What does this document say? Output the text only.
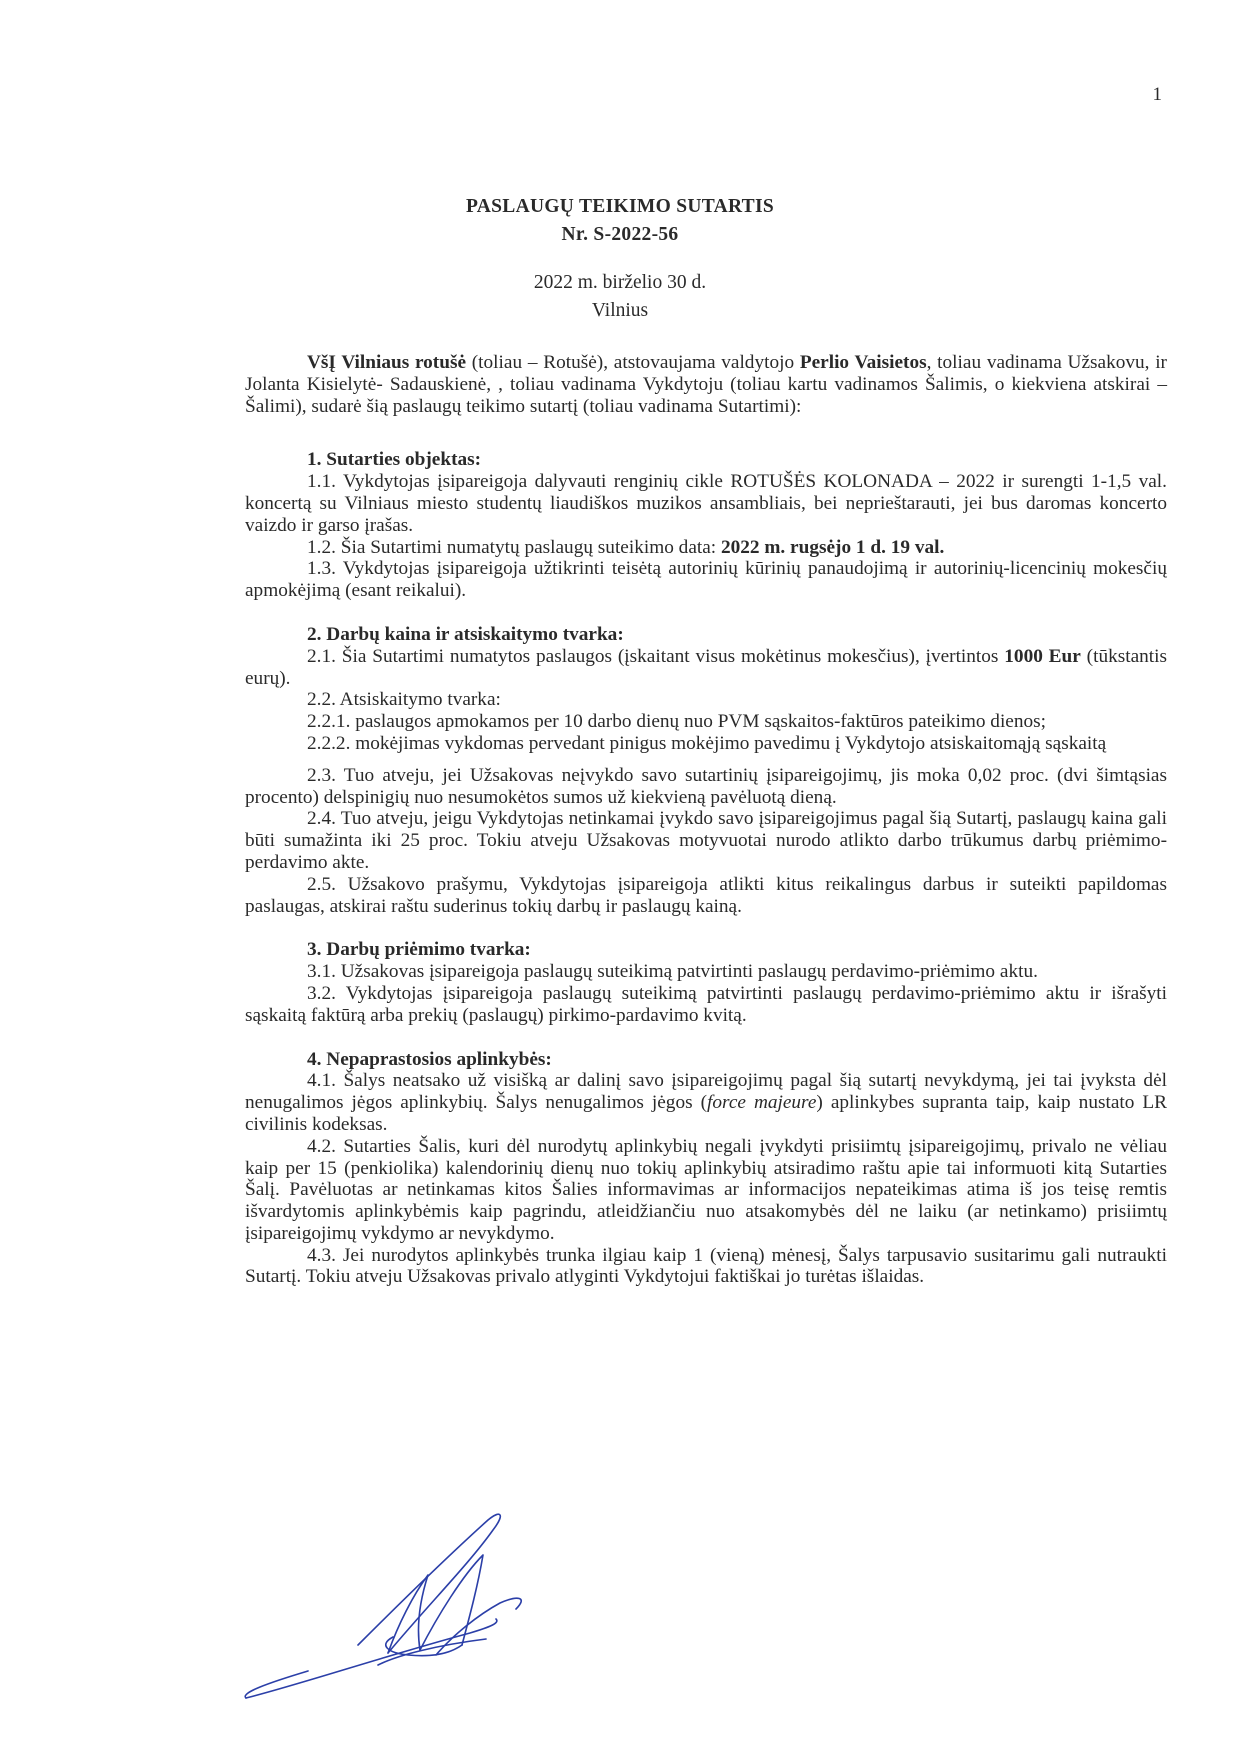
1
PASLAUGŲ TEIKIMO SUTARTIS
Nr. S-2022-56
2022 m. birželio 30 d.
Vilnius

VšĮ Vilniaus rotušė (toliau – Rotušė), atstovaujama valdytojo Perlio Vaisietos, toliau vadinama Užsakovu, ir Jolanta Kisielytė- Sadauskienė, , toliau vadinama Vykdytoju (toliau kartu vadinamos Šalimis, o kiekviena atskirai – Šalimi), sudarė šią paslaugų teikimo sutartį (toliau vadinama Sutartimi):

1. Sutarties objektas:

1.1. Vykdytojas įsipareigoja dalyvauti renginių cikle ROTUŠĖS KOLONADA – 2022 ir surengti 1-1,5 val. koncertą su Vilniaus miesto studentų liaudiškos muzikos ansambliais, bei neprieštarauti, jei bus daromas koncerto vaizdo ir garso įrašas.

1.2. Šia Sutartimi numatytų paslaugų suteikimo data: 2022 m. rugsėjo 1 d. 19 val.

1.3. Vykdytojas įsipareigoja užtikrinti teisėtą autorinių kūrinių panaudojimą ir autorinių-licencinių mokesčių apmokėjimą (esant reikalui).

2. Darbų kaina ir atsiskaitymo tvarka:

2.1. Šia Sutartimi numatytos paslaugos (įskaitant visus mokėtinus mokesčius), įvertintos 1000 Eur (tūkstantis eurų).

2.2. Atsiskaitymo tvarka:

2.2.1. paslaugos apmokamos per 10 darbo dienų nuo PVM sąskaitos-faktūros pateikimo dienos;

2.2.2. mokėjimas vykdomas pervedant pinigus mokėjimo pavedimu į Vykdytojo atsiskaitomąją sąskaitą

2.3. Tuo atveju, jei Užsakovas neįvykdo savo sutartinių įsipareigojimų, jis moka 0,02 proc. (dvi šimtąsias procento) delspinigių nuo nesumokėtos sumos už kiekvieną pavėluotą dieną.

2.4. Tuo atveju, jeigu Vykdytojas netinkamai įvykdo savo įsipareigojimus pagal šią Sutartį, paslaugų kaina gali būti sumažinta iki 25 proc. Tokiu atveju Užsakovas motyvuotai nurodo atlikto darbo trūkumus darbų priėmimo-perdavimo akte.

2.5. Užsakovo prašymu, Vykdytojas įsipareigoja atlikti kitus reikalingus darbus ir suteikti papildomas paslaugas, atskirai raštu suderinus tokių darbų ir paslaugų kainą.

3. Darbų priėmimo tvarka:

3.1. Užsakovas įsipareigoja paslaugų suteikimą patvirtinti paslaugų perdavimo-priėmimo aktu.

3.2. Vykdytojas įsipareigoja paslaugų suteikimą patvirtinti paslaugų perdavimo-priėmimo aktu ir išrašyti sąskaitą faktūrą arba prekių (paslaugų) pirkimo-pardavimo kvitą.

4. Nepaprastosios aplinkybės:

4.1. Šalys neatsako už visišką ar dalinį savo įsipareigojimų pagal šią sutartį nevykdymą, jei tai įvyksta dėl nenugalimos jėgos aplinkybių. Šalys nenugalimos jėgos (force majeure) aplinkybes supranta taip, kaip nustato LR civilinis kodeksas.

4.2. Sutarties Šalis, kuri dėl nurodytų aplinkybių negali įvykdyti prisiimtų įsipareigojimų, privalo ne vėliau kaip per 15 (penkiolika) kalendorinių dienų nuo tokių aplinkybių atsiradimo raštu apie tai informuoti kitą Sutarties Šalį. Pavėluotas ar netinkamas kitos Šalies informavimas ar informacijos nepateikimas atima iš jos teisę remtis išvardytomis aplinkybėmis kaip pagrindu, atleidžiančiu nuo atsakomybės dėl ne laiku (ar netinkamo) prisiimtų įsipareigojimų vykdymo ar nevykdymo.

4.3. Jei nurodytos aplinkybės trunka ilgiau kaip 1 (vieną) mėnesį, Šalys tarpusavio susitarimu gali nutraukti Sutartį. Tokiu atveju Užsakovas privalo atlyginti Vykdytojui faktiškai jo turėtas išlaidas.
